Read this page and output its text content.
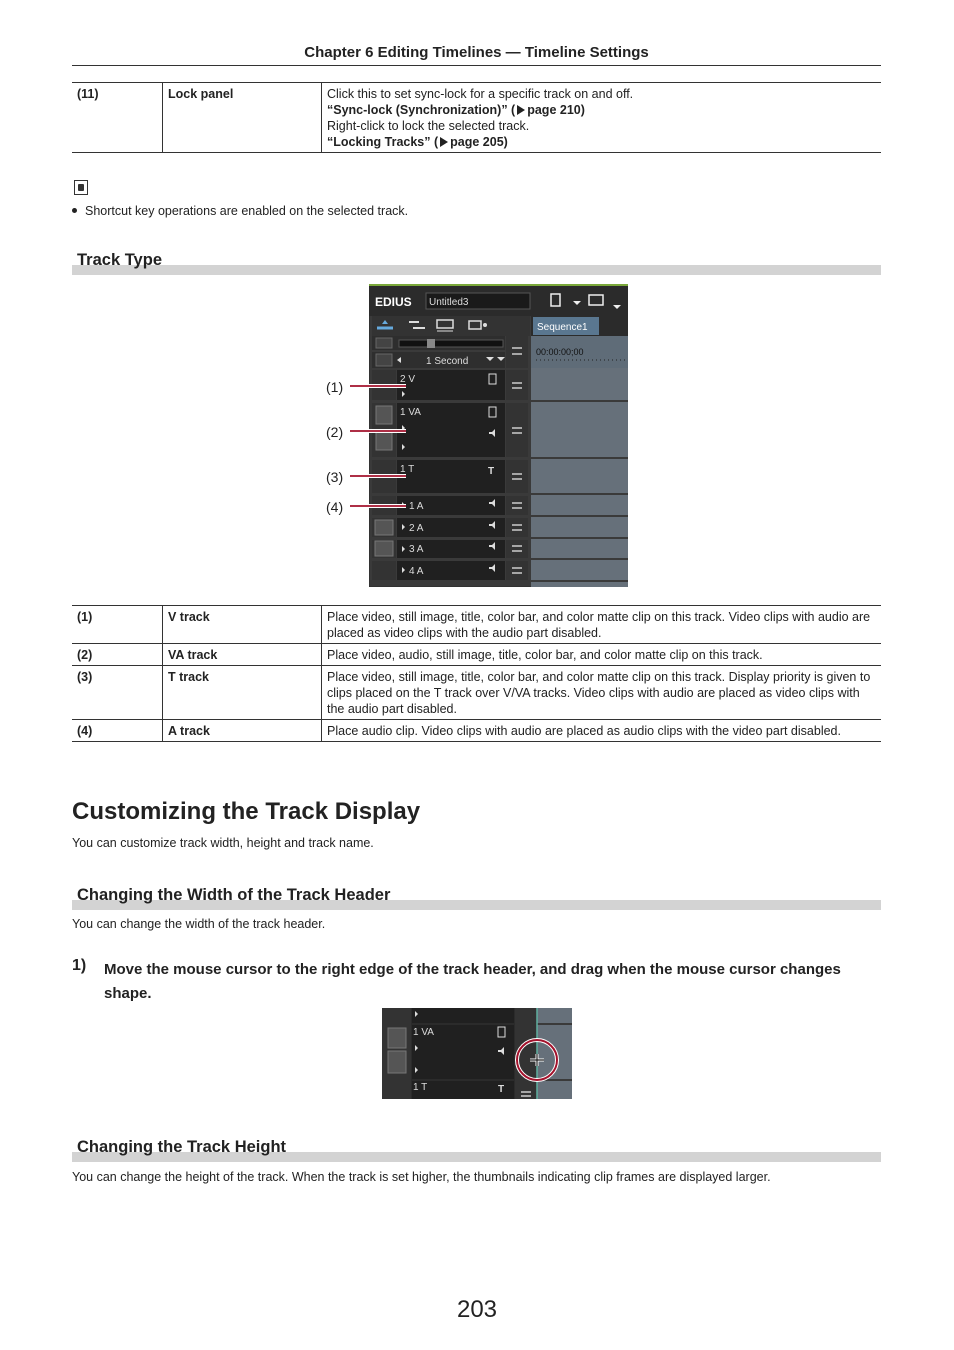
Chapter 6 Editing Timelines — Timeline Settings
(11)	Lock panel	Click this to set sync-lock for a specific track on and off.
“Sync-lock (Synchronization)” ( page 210)
Right-click to lock the selected track.
“Locking Tracks” ( page 205)
Shortcut key operations are enabled on the selected track.
Track Type
EDIUS Untitled3
Sequence1
1 Second
00:00:00;00
2 V
1 VA
1 T	T
1 A
2 A
3 A
4 A
(1)
(2)
(3)
(4)
(1)	V track	Place video, still image, title, color bar, and color matte clip on this track. Video clips with audio are placed as video clips with the audio part disabled.
(2)	VA track	Place video, audio, still image, title, color bar, and color matte clip on this track.
(3)	T track	Place video, still image, title, color bar, and color matte clip on this track. Display priority is given to clips placed on the T track over V/VA tracks. Video clips with audio are placed as video clips with the audio part disabled.
(4)	A track	Place audio clip. Video clips with audio are placed as audio clips with the video part disabled.
Customizing the Track Display
You can customize track width, height and track name.
Changing the Width of the Track Header
You can change the width of the track header.
1) Move the mouse cursor to the right edge of the track header, and drag when the mouse cursor changes shape.
1 VA
1 T	T
Changing the Track Height
You can change the height of the track. When the track is set higher, the thumbnails indicating clip frames are displayed larger.
203
